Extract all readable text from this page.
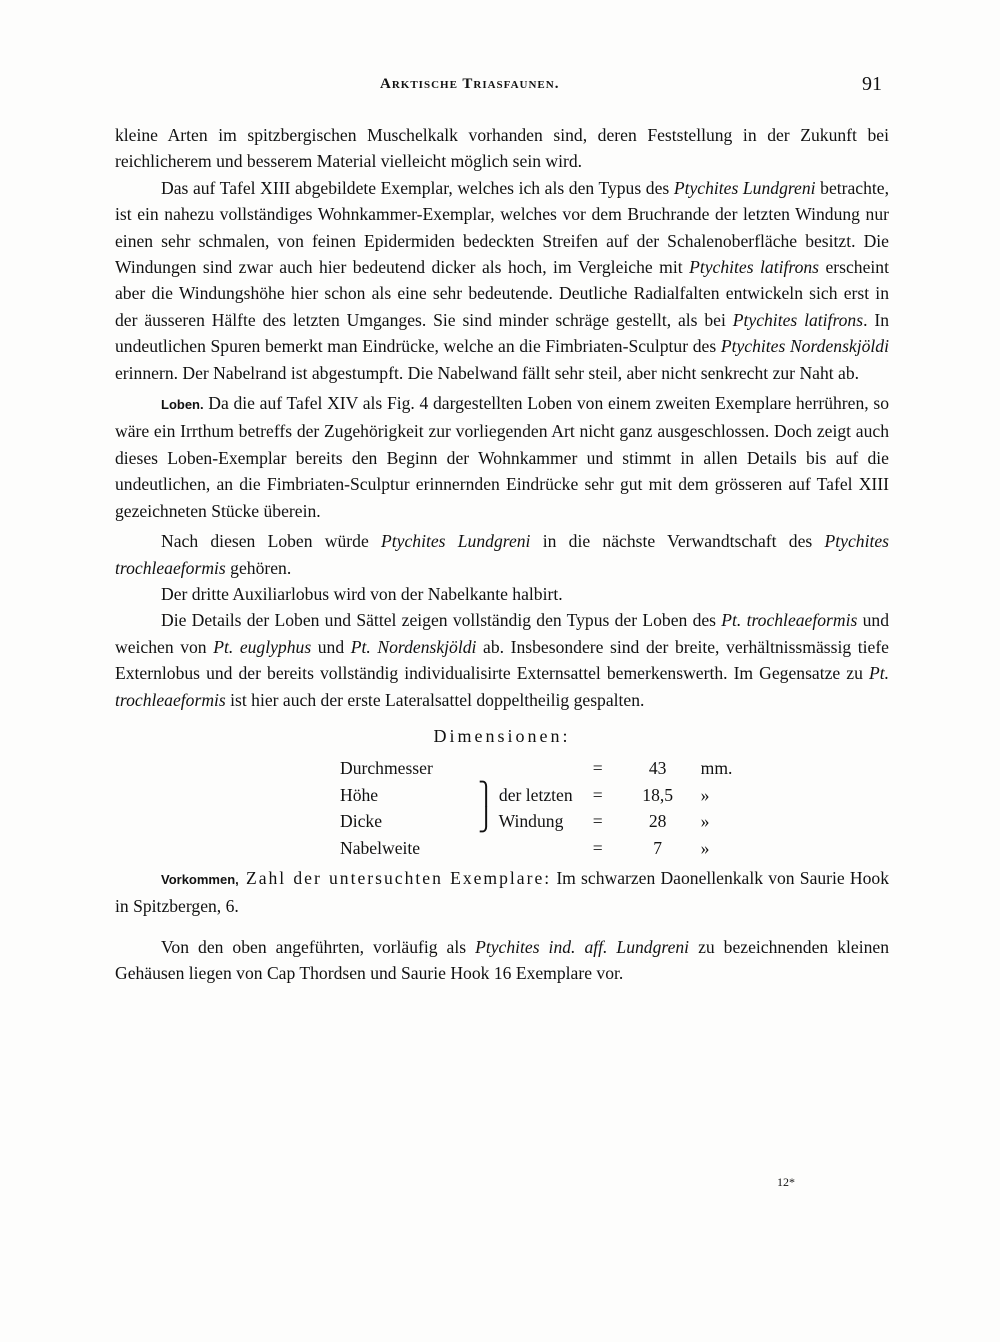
Arktische Triasfaunen.	91

kleine Arten im spitzbergischen Muschelkalk vorhanden sind, deren Feststellung in der Zukunft bei reichlicherem und besserem Material vielleicht möglich sein wird.

Das auf Tafel XIII abgebildete Exemplar, welches ich als den Typus des Ptychites Lundgreni betrachte, ist ein nahezu vollständiges Wohnkammer-Exemplar, welches vor dem Bruchrande der letzten Windung nur einen sehr schmalen, von feinen Epidermiden bedeckten Streifen auf der Schalenoberfläche besitzt. Die Windungen sind zwar auch hier bedeutend dicker als hoch, im Vergleiche mit Ptychites latifrons erscheint aber die Windungshöhe hier schon als eine sehr bedeutende. Deutliche Radialfalten entwickeln sich erst in der äusseren Hälfte des letzten Umganges. Sie sind minder schräge gestellt, als bei Ptychites latifrons. In undeutlichen Spuren bemerkt man Eindrücke, welche an die Fimbriaten-Sculptur des Ptychites Nordenskjöldi erinnern. Der Nabelrand ist abgestumpft. Die Nabelwand fällt sehr steil, aber nicht senkrecht zur Naht ab.

Loben. Da die auf Tafel XIV als Fig. 4 dargestellten Loben von einem zweiten Exemplare herrühren, so wäre ein Irrthum betreffs der Zugehörigkeit zur vorliegenden Art nicht ganz ausgeschlossen. Doch zeigt auch dieses Loben-Exemplar bereits den Beginn der Wohnkammer und stimmt in allen Details bis auf die undeutlichen, an die Fimbriaten-Sculptur erinnernden Eindrücke sehr gut mit dem grösseren auf Tafel XIII gezeichneten Stücke überein.

Nach diesen Loben würde Ptychites Lundgreni in die nächste Verwandtschaft des Ptychites trochleaeformis gehören.

Der dritte Auxiliarlobus wird von der Nabelkante halbirt.

Die Details der Loben und Sättel zeigen vollständig den Typus der Loben des Pt. trochleaeformis und weichen von Pt. euglyphus und Pt. Nordenskjöldi ab. Insbesondere sind der breite, verhältnissmässig tiefe Externlobus und der bereits vollständig individualisirte Externsattel bemerkenswerth. Im Gegensatze zu Pt. trochleaeformis ist hier auch der erste Lateralsattel doppeltheilig gespalten.

Dimensionen:
Durchmesser		=	43	mm.
Höhe	⎫ der letzten	=	18,5	»
Dicke	⎭ Windung	=	28	»
Nabelweite		=	7	»

Vorkommen, Zahl der untersuchten Exemplare: Im schwarzen Daonellenkalk von Saurie Hook in Spitzbergen, 6.

Von den oben angeführten, vorläufig als Ptychites ind. aff. Lundgreni zu bezeichnenden kleinen Gehäusen liegen von Cap Thordsen und Saurie Hook 16 Exemplare vor.

12*
